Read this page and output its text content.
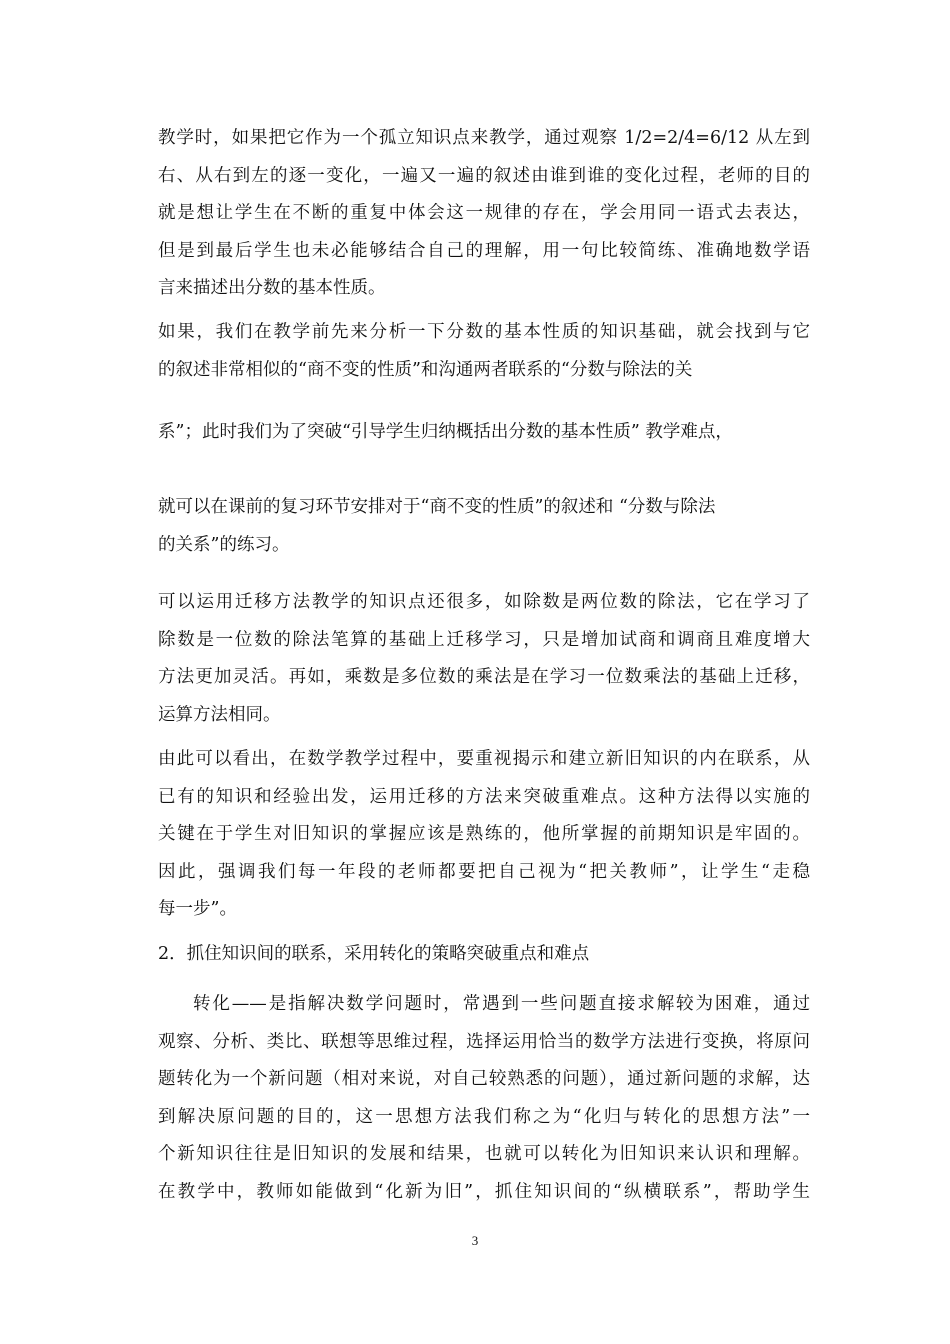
教学时，如果把它作为一个孤立知识点来教学，通过观察 1/2=2/4=6/12 从左到
右、从右到左的逐一变化，一遍又一遍的叙述由谁到谁的变化过程，老师的目的
就是想让学生在不断的重复中体会这一规律的存在，学会用同一语式去表达，
但是到最后学生也未必能够结合自己的理解，用一句比较简练、准确地数学语
言来描述出分数的基本性质。
如果，我们在教学前先来分析一下分数的基本性质的知识基础，就会找到与它
的叙述非常相似的“商不变的性质”和沟通两者联系的“分数与除法的关
系”；此时我们为了突破“引导学生归纳概括出分数的基本性质” 教学难点，
就可以在课前的复习环节安排对于“商不变的性质”的叙述和 “分数与除法
的关系”的练习。
可以运用迁移方法教学的知识点还很多，如除数是两位数的除法，它在学习了
除数是一位数的除法笔算的基础上迁移学习，只是增加试商和调商且难度增大
方法更加灵活。再如，乘数是多位数的乘法是在学习一位数乘法的基础上迁移，
运算方法相同。
由此可以看出，在数学教学过程中，要重视揭示和建立新旧知识的内在联系，从
已有的知识和经验出发，运用迁移的方法来突破重难点。这种方法得以实施的
关键在于学生对旧知识的掌握应该是熟练的，他所掌握的前期知识是牢固的。
因此，强调我们每一年段的老师都要把自己视为“把关教师”，让学生“走稳
每一步”。
2．抓住知识间的联系，采用转化的策略突破重点和难点
转化——是指解决数学问题时，常遇到一些问题直接求解较为困难，通过
观察、分析、类比、联想等思维过程，选择运用恰当的数学方法进行变换，将原问
题转化为一个新问题（相对来说，对自己较熟悉的问题），通过新问题的求解，达
到解决原问题的目的，这一思想方法我们称之为“化归与转化的思想方法”一
个新知识往往是旧知识的发展和结果，也就可以转化为旧知识来认识和理解。
在教学中，教师如能做到“化新为旧”，抓住知识间的“纵横联系”，帮助学生
3
